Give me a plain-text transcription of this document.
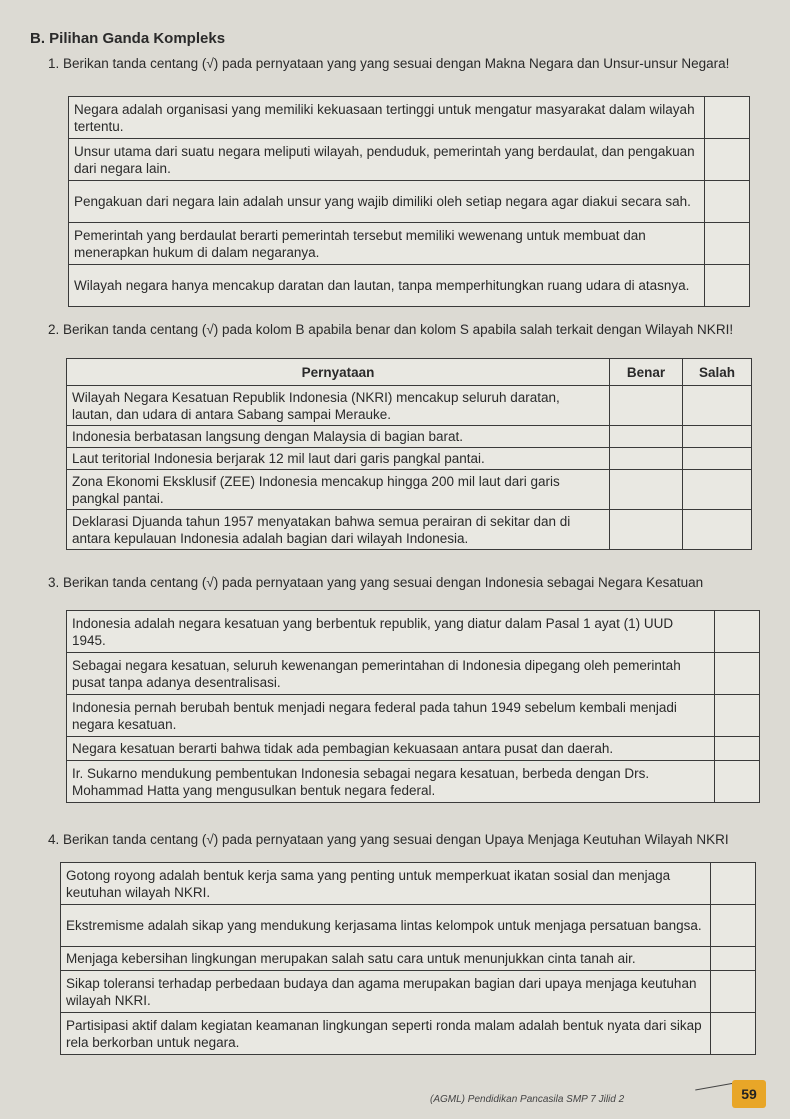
B. Pilihan Ganda Kompleks
1. Berikan tanda centang (√) pada pernyataan yang yang sesuai dengan Makna Negara dan Unsur-unsur Negara!
Negara adalah organisasi yang memiliki kekuasaan tertinggi untuk mengatur masyarakat dalam wilayah tertentu.	
Unsur utama dari suatu negara meliputi wilayah, penduduk, pemerintah yang berdaulat, dan pengakuan dari negara lain.	
Pengakuan dari negara lain adalah unsur yang wajib dimiliki oleh setiap negara agar diakui secara sah.	
Pemerintah yang berdaulat berarti pemerintah tersebut memiliki wewenang untuk membuat dan menerapkan hukum di dalam negaranya.	
Wilayah negara hanya mencakup daratan dan lautan, tanpa memperhitungkan ruang udara di atasnya.	
2. Berikan tanda centang (√) pada kolom B apabila benar dan kolom S apabila salah terkait dengan Wilayah NKRI!
Pernyataan	Benar	Salah
Wilayah Negara Kesatuan Republik Indonesia (NKRI) mencakup seluruh daratan, lautan, dan udara di antara Sabang sampai Merauke.		
Indonesia berbatasan langsung dengan Malaysia di bagian barat.		
Laut teritorial Indonesia berjarak 12 mil laut dari garis pangkal pantai.		
Zona Ekonomi Eksklusif (ZEE) Indonesia mencakup hingga 200 mil laut dari garis pangkal pantai.		
Deklarasi Djuanda tahun 1957 menyatakan bahwa semua perairan di sekitar dan di antara kepulauan Indonesia adalah bagian dari wilayah Indonesia.		
3. Berikan tanda centang (√) pada pernyataan yang yang sesuai dengan Indonesia sebagai Negara Kesatuan
Indonesia adalah negara kesatuan yang berbentuk republik, yang diatur dalam Pasal 1 ayat (1) UUD 1945.	
Sebagai negara kesatuan, seluruh kewenangan pemerintahan di Indonesia dipegang oleh pemerintah pusat tanpa adanya desentralisasi.	
Indonesia pernah berubah bentuk menjadi negara federal pada tahun 1949 sebelum kembali menjadi negara kesatuan.	
Negara kesatuan berarti bahwa tidak ada pembagian kekuasaan antara pusat dan daerah.	
Ir. Sukarno mendukung pembentukan Indonesia sebagai negara kesatuan, berbeda dengan Drs. Mohammad Hatta yang mengusulkan bentuk negara federal.	
4. Berikan tanda centang (√) pada pernyataan yang yang sesuai dengan Upaya Menjaga Keutuhan Wilayah NKRI
Gotong royong adalah bentuk kerja sama yang penting untuk memperkuat ikatan sosial dan menjaga keutuhan wilayah NKRI.	
Ekstremisme adalah sikap yang mendukung kerjasama lintas kelompok untuk menjaga persatuan bangsa.	
Menjaga kebersihan lingkungan merupakan salah satu cara untuk menunjukkan cinta tanah air.	
Sikap toleransi terhadap perbedaan budaya dan agama merupakan bagian dari upaya menjaga keutuhan wilayah NKRI.	
Partisipasi aktif dalam kegiatan keamanan lingkungan seperti ronda malam adalah bentuk nyata dari sikap rela berkorban untuk negara.	
(AGML) Pendidikan Pancasila SMP 7 Jilid 2	59
